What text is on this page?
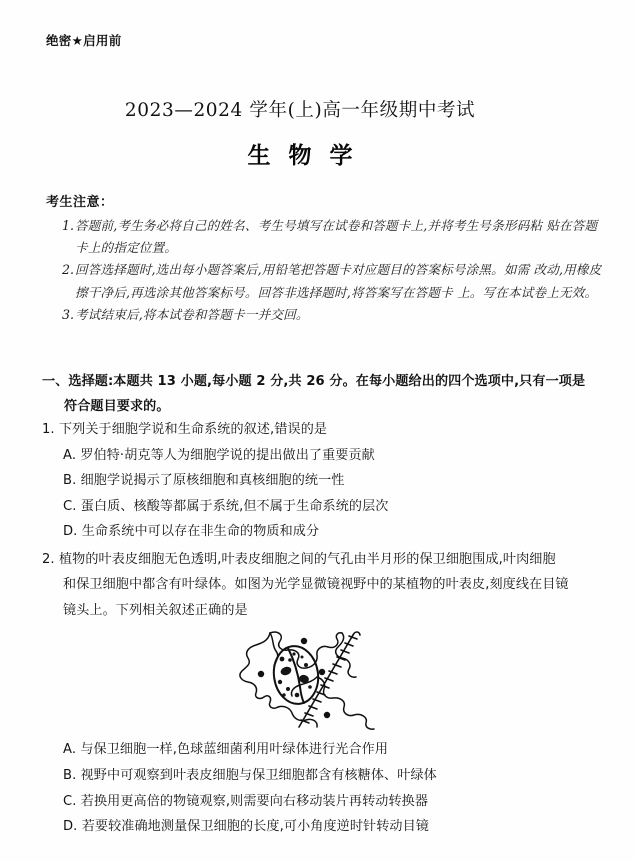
绝密★启用前
2023—2024 学年(上)高一年级期中考试
生物学
考生注意：
1. 答题前,考生务必将自己的姓名、考生号填写在试卷和答题卡上,并将考生号条形码粘 贴在答题卡上的指定位置。
2. 回答选择题时,选出每小题答案后,用铅笔把答题卡对应题目的答案标号涂黑。如需 改动,用橡皮擦干净后,再选涂其他答案标号。回答非选择题时,将答案写在答题卡 上。写在本试卷上无效。
3. 考试结束后,将本试卷和答题卡一并交回。
一、选择题:本题共 13 小题,每小题 2 分,共 26 分。在每小题给出的四个选项中,只有一项是
符合题目要求的。
1. 下列关于细胞学说和生命系统的叙述,错误的是
A. 罗伯特·胡克等人为细胞学说的提出做出了重要贡献
B. 细胞学说揭示了原核细胞和真核细胞的统一性
C. 蛋白质、核酸等都属于系统,但不属于生命系统的层次
D. 生命系统中可以存在非生命的物质和成分
2. 植物的叶表皮细胞无色透明,叶表皮细胞之间的气孔由半月形的保卫细胞围成,叶肉细胞
和保卫细胞中都含有叶绿体。如图为光学显微镜视野中的某植物的叶表皮,刻度线在目镜
镜头上。下列相关叙述正确的是
A. 与保卫细胞一样,色球蓝细菌利用叶绿体进行光合作用
B. 视野中可观察到叶表皮细胞与保卫细胞都含有核糖体、叶绿体
C. 若换用更高倍的物镜观察,则需要向右移动装片再转动转换器
D. 若要较准确地测量保卫细胞的长度,可小角度逆时针转动目镜
